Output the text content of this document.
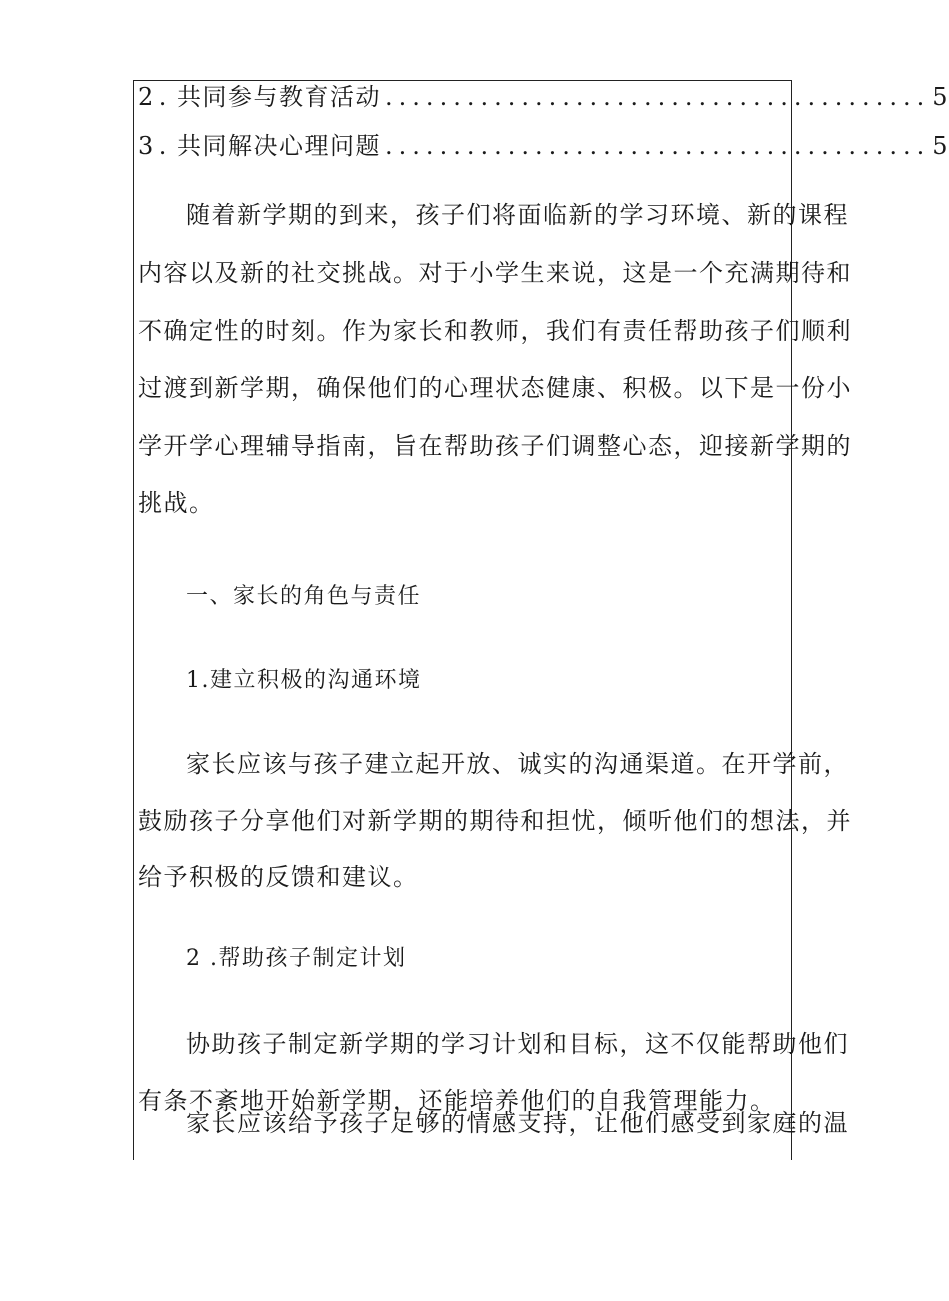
2 . 共同参与教育活动 ........................................ 5
3 . 共同解决心理问题 ........................................ 5
随着新学期的到来，孩子们将面临新的学习环境、新的课程
内容以及新的社交挑战。对于小学生来说，这是一个充满期待和
不确定性的时刻。作为家长和教师，我们有责任帮助孩子们顺利
过渡到新学期，确保他们的心理状态健康、积极。以下是一份小
学开学心理辅导指南，旨在帮助孩子们调整心态，迎接新学期的
挑战。
一、家长的角色与责任
1.建立积极的沟通环境
家长应该与孩子建立起开放、诚实的沟通渠道。在开学前，
鼓励孩子分享他们对新学期的期待和担忧，倾听他们的想法，并
给予积极的反馈和建议。
2 .帮助孩子制定计划
协助孩子制定新学期的学习计划和目标，这不仅能帮助他们
有条不紊地开始新学期，还能培养他们的自我管理能力。
家长应该给予孩子足够的情感支持，让他们感受到家庭的温
